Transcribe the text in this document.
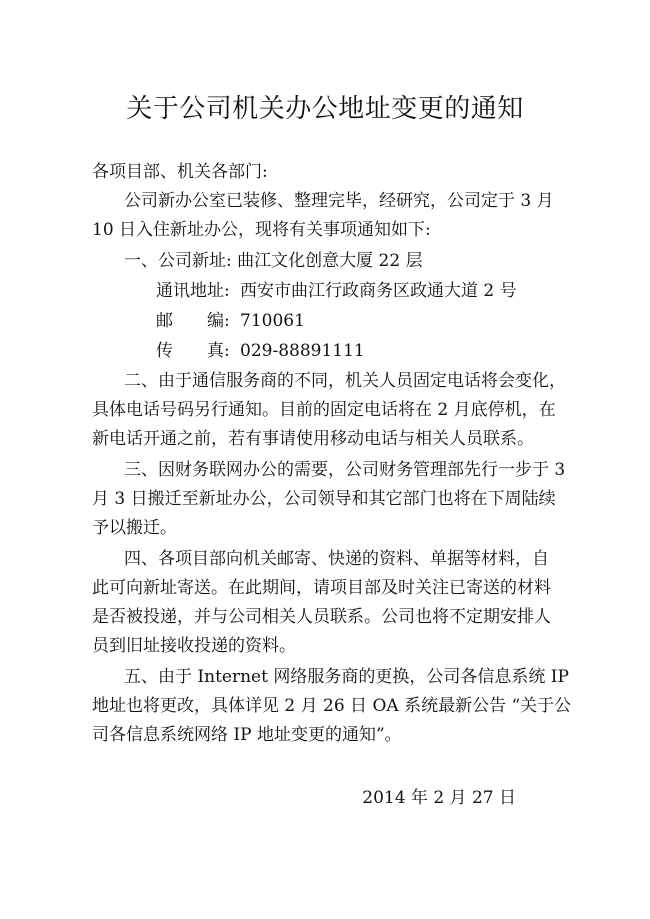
关于公司机关办公地址变更的通知
各项目部、机关各部门:
公司新办公室已装修、整理完毕，经研究，公司定于 3 月
10 日入住新址办公，现将有关事项通知如下:
一、公司新址: 曲江文化创意大厦 22 层
通讯地址: 西安市曲江行政商务区政通大道 2 号
邮　　编: 710061
传　　真: 029-88891111
二、由于通信服务商的不同，机关人员固定电话将会变化，
具体电话号码另行通知。目前的固定电话将在 2 月底停机，在
新电话开通之前，若有事请使用移动电话与相关人员联系。
三、因财务联网办公的需要，公司财务管理部先行一步于 3
月 3 日搬迁至新址办公，公司领导和其它部门也将在下周陆续
予以搬迁。
四、各项目部向机关邮寄、快递的资料、单据等材料，自
此可向新址寄送。在此期间，请项目部及时关注已寄送的材料
是否被投递，并与公司相关人员联系。公司也将不定期安排人
员到旧址接收投递的资料。
五、由于 Internet 网络服务商的更换，公司各信息系统 IP
地址也将更改，具体详见 2 月 26 日 OA 系统最新公告 “关于公
司各信息系统网络 IP 地址变更的通知”。
2014 年 2 月 27 日
